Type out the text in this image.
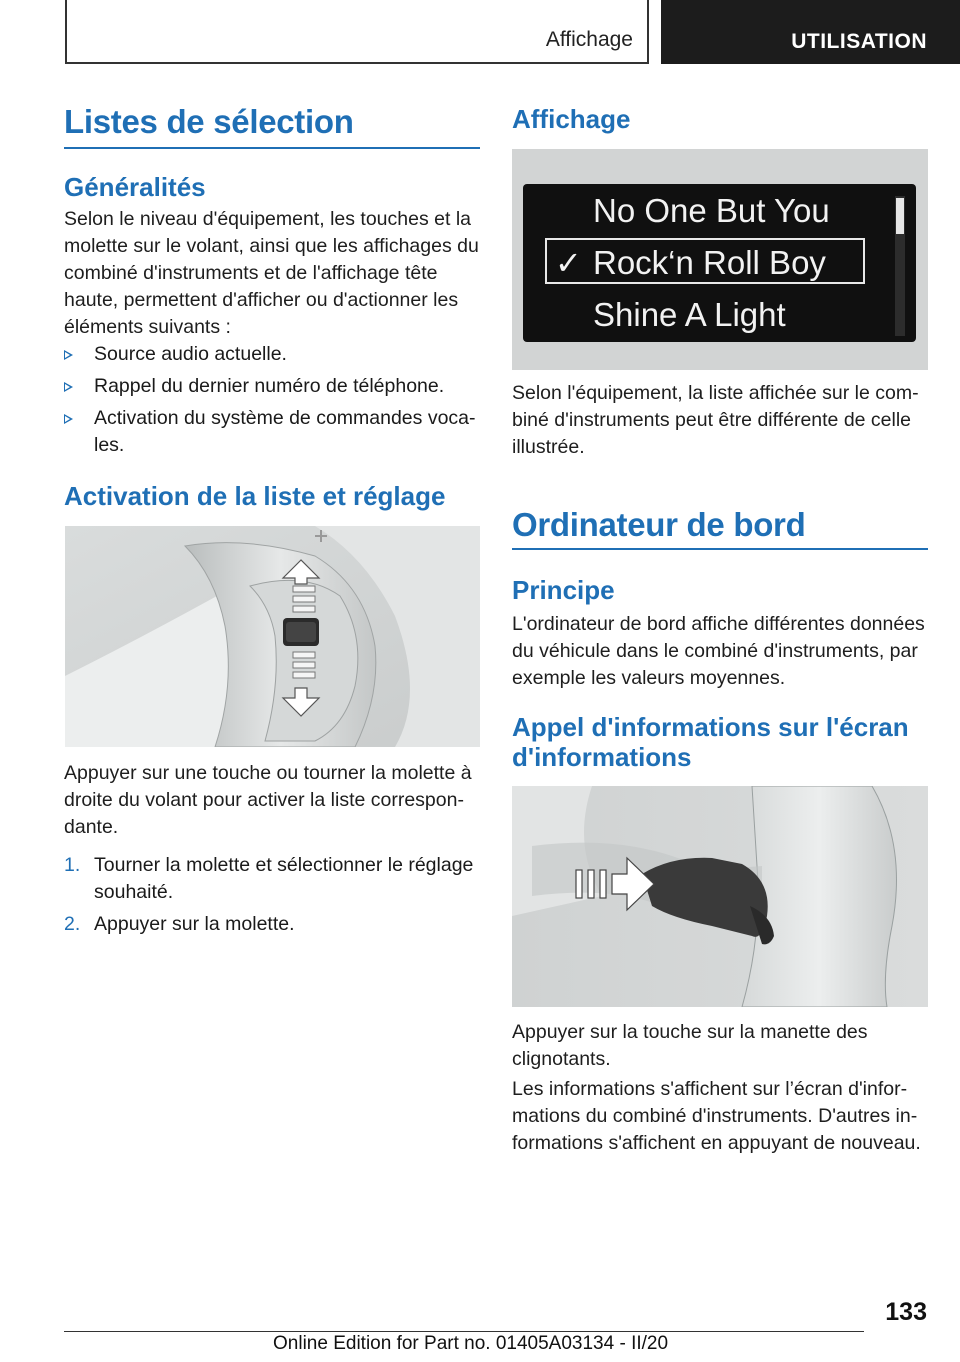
Affichage	UTILISATION
Listes de sélection
Généralités

Selon le niveau d'équipement, les touches et la molette sur le volant, ainsi que les affichages du combiné d'instruments et de l'affichage tête haute, permettent d'afficher ou d'actionner les éléments suivants :

Source audio actuelle.
Rappel du dernier numéro de téléphone.
Activation du système de commandes vocales.
Activation de la liste et réglage

Appuyer sur une touche ou tourner la molette à droite du volant pour activer la liste correspondante.

1. Tourner la molette et sélectionner le réglage souhaité.
2. Appuyer sur la molette.
Affichage
No One But You
✓ Rock‘n Roll Boy
Shine A Light

Selon l'équipement, la liste affichée sur le combiné d'instruments peut être différente de celle illustrée.

Ordinateur de bord
Principe

L'ordinateur de bord affiche différentes données du véhicule dans le combiné d'instruments, par exemple les valeurs moyennes.

Appel d'informations sur l'écran d'informations

Appuyer sur la touche sur la manette des clignotants.

Les informations s'affichent sur l’écran d'informations du combiné d'instruments. D'autres informations s'affichent en appuyant de nouveau.

133
Online Edition for Part no. 01405A03134 - II/20
